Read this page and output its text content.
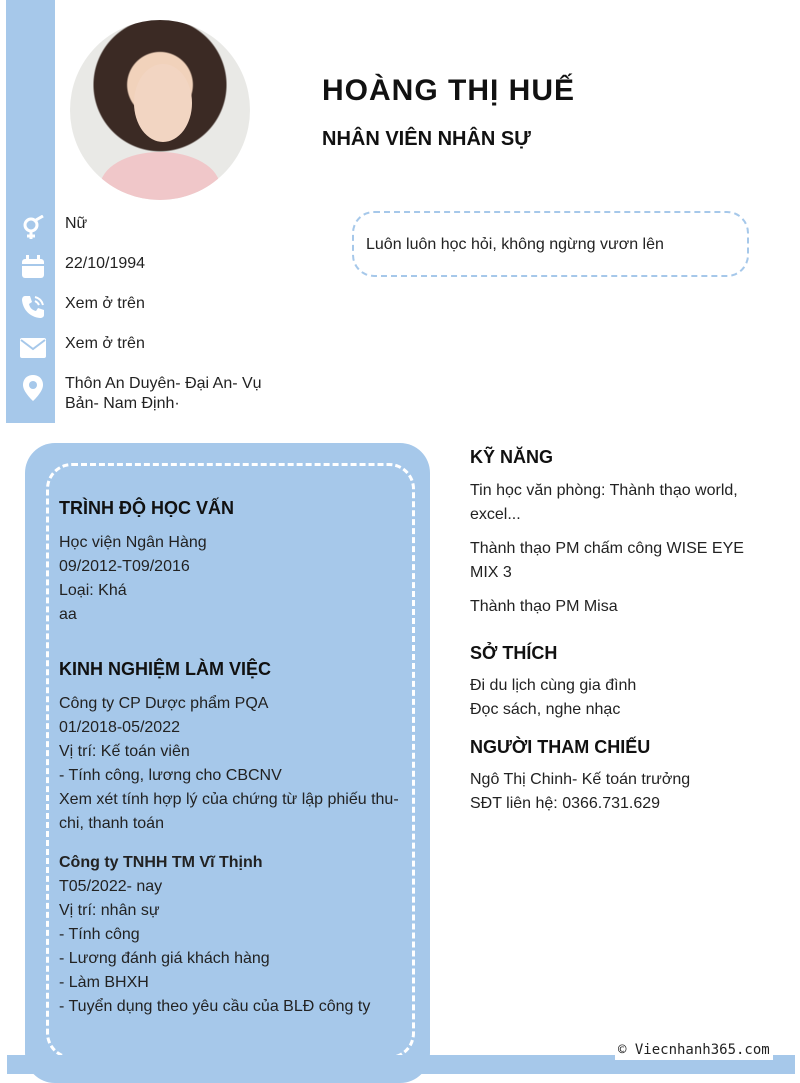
HOÀNG THỊ HUẾ
NHÂN VIÊN NHÂN SỰ
Nữ
22/10/1994
Xem ở trên
Xem ở trên
Thôn An Duyên- Đại An- Vụ
Bản- Nam Định·
Luôn luôn học hỏi, không ngừng vươn lên
TRÌNH ĐỘ HỌC VẤN
Học viện Ngân Hàng
09/2012-T09/2016
Loại: Khá
aa
KINH NGHIỆM LÀM VIỆC
Công ty CP Dược phẩm PQA
01/2018-05/2022
Vị trí: Kế toán viên
- Tính công, lương cho CBCNV
Xem xét tính hợp lý của chứng từ lập phiếu thu-
chi, thanh toán
Công ty TNHH TM Vĩ Thịnh
T05/2022- nay
Vị trí: nhân sự
- Tính công
- Lương đánh giá khách hàng
- Làm BHXH
- Tuyển dụng theo yêu cầu của BLĐ công ty
KỸ NĂNG
Tin học văn phòng: Thành thạo world, excel...
Thành thạo PM chấm công WISE EYE MIX 3
Thành thạo PM Misa
SỞ THÍCH
Đi du lịch cùng gia đình
Đọc sách, nghe nhạc
NGƯỜI THAM CHIẾU
Ngô Thị Chinh- Kế toán trưởng
SĐT liên hệ: 0366.731.629
© Viecnhanh365.com
